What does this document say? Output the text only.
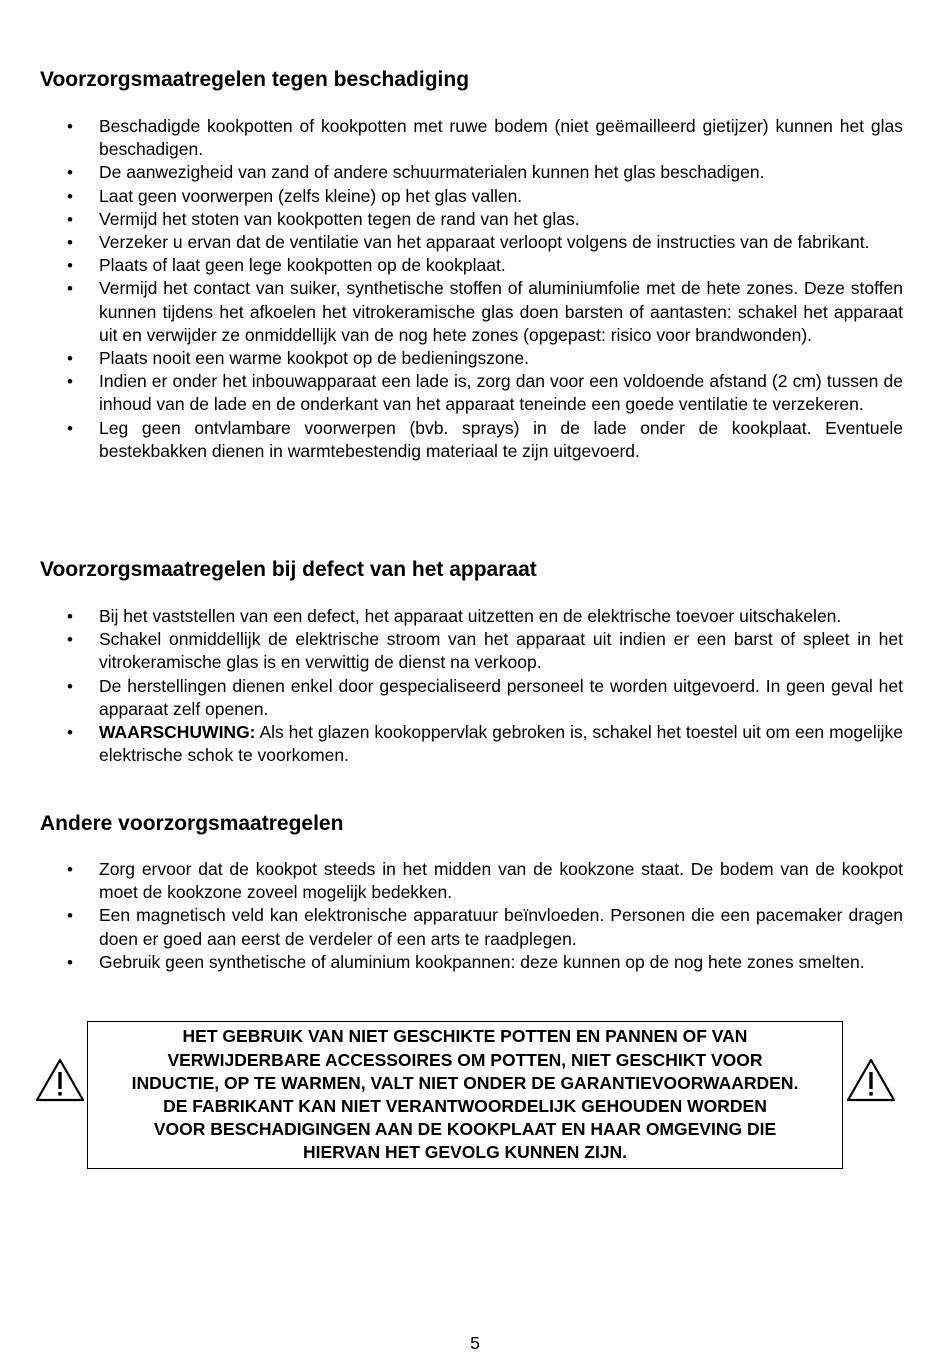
Voorzorgsmaatregelen tegen beschadiging
• Beschadigde kookpotten of kookpotten met ruwe bodem (niet geëmailleerd gietijzer) kunnen het glas beschadigen.
• De aanwezigheid van zand of andere schuurmaterialen kunnen het glas beschadigen.
• Laat geen voorwerpen (zelfs kleine) op het glas vallen.
• Vermijd het stoten van kookpotten tegen de rand van het glas.
• Verzeker u ervan dat de ventilatie van het apparaat verloopt volgens de instructies van de fabrikant.
• Plaats of laat geen lege kookpotten op de kookplaat.
• Vermijd het contact van suiker, synthetische stoffen of aluminiumfolie met de hete zones. Deze stoffen kunnen tijdens het afkoelen het vitrokeramische glas doen barsten of aantasten: schakel het apparaat uit en verwijder ze onmiddellijk van de nog hete zones (opgepast: risico voor brandwonden).
• Plaats nooit een warme kookpot op de bedieningszone.
• Indien er onder het inbouwapparaat een lade is, zorg dan voor een voldoende afstand (2 cm) tussen de inhoud van de lade en de onderkant van het apparaat teneinde een goede ventilatie te verzekeren.
• Leg geen ontvlambare voorwerpen (bvb. sprays) in de lade onder de kookplaat. Eventuele bestekbakken dienen in warmtebestendig materiaal te zijn uitgevoerd.
Voorzorgsmaatregelen bij defect van het apparaat
• Bij het vaststellen van een defect, het apparaat uitzetten en de elektrische toevoer uitschakelen.
• Schakel onmiddellijk de elektrische stroom van het apparaat uit indien er een barst of spleet in het vitrokeramische glas is en verwittig de dienst na verkoop.
• De herstellingen dienen enkel door gespecialiseerd personeel te worden uitgevoerd. In geen geval het apparaat zelf openen.
• WAARSCHUWING: Als het glazen kookoppervlak gebroken is, schakel het toestel uit om een mogelijke elektrische schok te voorkomen.
Andere voorzorgsmaatregelen
• Zorg ervoor dat de kookpot steeds in het midden van de kookzone staat. De bodem van de kookpot moet de kookzone zoveel mogelijk bedekken.
• Een magnetisch veld kan elektronische apparatuur beïnvloeden. Personen die een pacemaker dragen doen er goed aan eerst de verdeler of een arts te raadplegen.
• Gebruik geen synthetische of aluminium kookpannen: deze kunnen op de nog hete zones smelten.

HET GEBRUIK VAN NIET GESCHIKTE POTTEN EN PANNEN OF VAN
VERWIJDERBARE ACCESSOIRES OM POTTEN, NIET GESCHIKT VOOR
INDUCTIE, OP TE WARMEN, VALT NIET ONDER DE GARANTIEVOORWAARDEN.
DE FABRIKANT KAN NIET VERANTWOORDELIJK GEHOUDEN WORDEN
VOOR BESCHADIGINGEN AAN DE KOOKPLAAT EN HAAR OMGEVING DIE
HIERVAN HET GEVOLG KUNNEN ZIJN.

5
